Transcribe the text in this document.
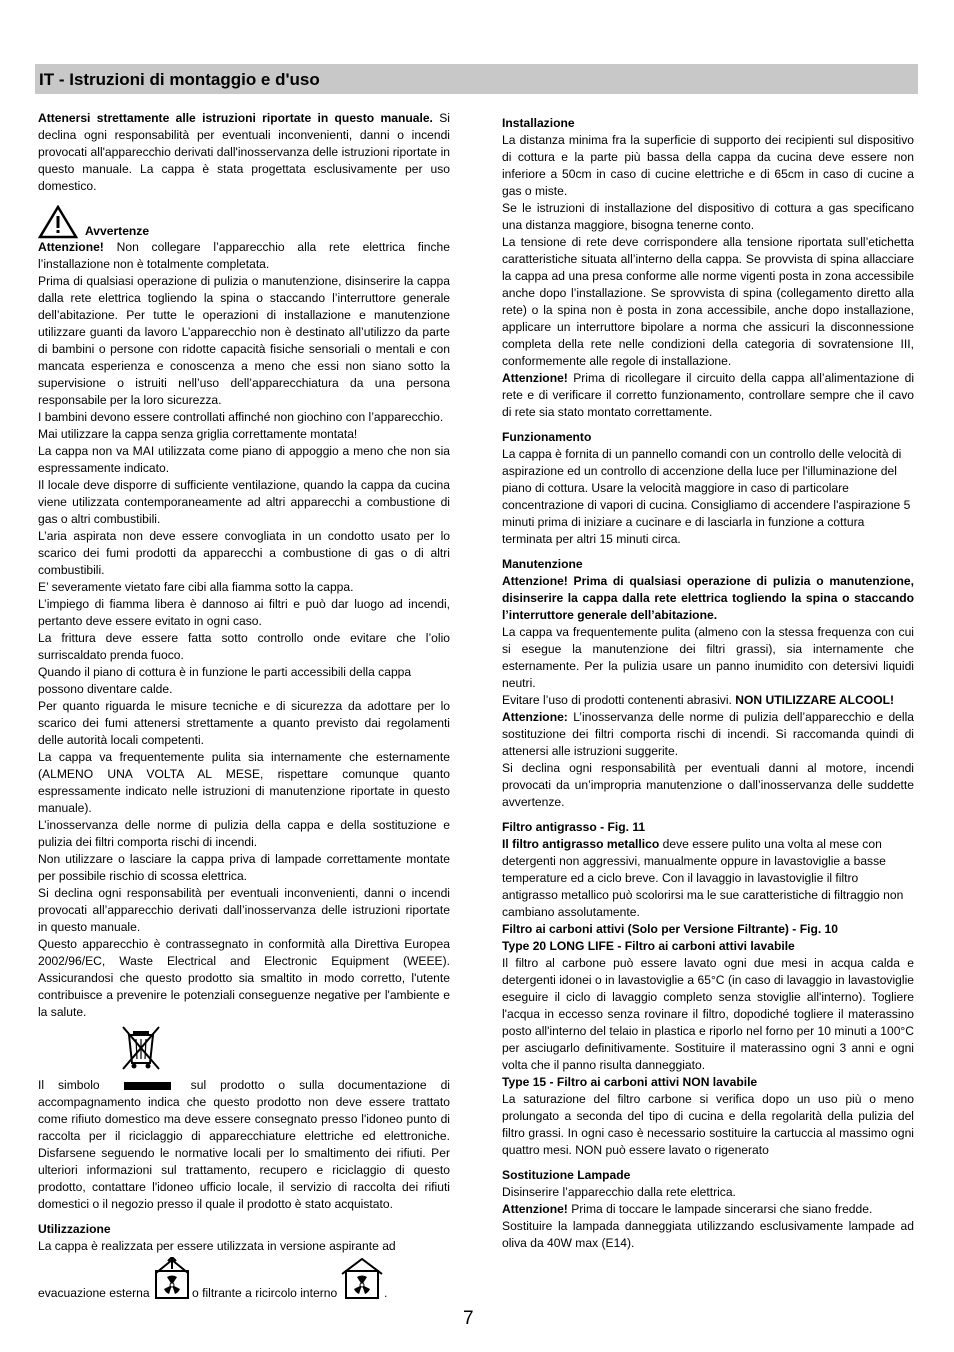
IT - Istruzioni di montaggio e d'uso

Attenersi strettamente alle istruzioni riportate in questo manuale. Si declina ogni responsabilità per eventuali inconvenienti, danni o incendi provocati all'apparecchio derivati dall'inosservanza delle istruzioni riportate in questo manuale. La cappa è stata progettata esclusivamente per uso domestico.

Avvertenze

Attenzione! Non collegare l’apparecchio alla rete elettrica finche l’installazione non è totalmente completata.

Prima di qualsiasi operazione di pulizia o manutenzione, disinserire la cappa dalla rete elettrica togliendo la spina o staccando l’interruttore generale dell’abitazione. Per tutte le operazioni di installazione e manutenzione utilizzare guanti da lavoro L’apparecchio non è destinato all’utilizzo da parte di bambini o persone con ridotte capacità fisiche sensoriali o mentali e con mancata esperienza e conoscenza a meno che essi non siano sotto la supervisione o istruiti nell’uso dell’apparecchiatura da una persona responsabile per la loro sicurezza.

I bambini devono essere controllati affinché non giochino con l’apparecchio.

Mai utilizzare la cappa senza griglia correttamente montata!

La cappa non va MAI utilizzata come piano di appoggio a meno che non sia espressamente indicato.

Il locale deve disporre di sufficiente ventilazione, quando la cappa da cucina viene utilizzata contemporaneamente ad altri apparecchi a combustione di gas o altri combustibili.

L’aria aspirata non deve essere convogliata in un condotto usato per lo scarico dei fumi prodotti da apparecchi a combustione di gas o di altri combustibili.

E’ severamente vietato fare cibi alla fiamma sotto la cappa.

L’impiego di fiamma libera è dannoso ai filtri e può dar luogo ad incendi, pertanto deve essere evitato in ogni caso.

La frittura deve essere fatta sotto controllo onde evitare che l’olio surriscaldato prenda fuoco.

Quando il piano di cottura è in funzione le parti accessibili della cappa possono diventare calde.

Per quanto riguarda le misure tecniche e di sicurezza da adottare per lo scarico dei fumi attenersi strettamente a quanto previsto dai regolamenti delle autorità locali competenti.

La cappa va frequentemente pulita sia internamente che esternamente (ALMENO UNA VOLTA AL MESE, rispettare comunque quanto espressamente indicato nelle istruzioni di manutenzione riportate in questo manuale).

L’inosservanza delle norme di pulizia della cappa e della sostituzione e pulizia dei filtri comporta rischi di incendi.

Non utilizzare o lasciare la cappa priva di lampade correttamente montate per possibile rischio di scossa elettrica.

Si declina ogni responsabilità per eventuali inconvenienti, danni o incendi provocati all’apparecchio derivati dall’inosservanza delle istruzioni riportate in questo manuale.

Questo apparecchio è contrassegnato in conformità alla Direttiva Europea 2002/96/EC, Waste Electrical and Electronic Equipment (WEEE). Assicurandosi che questo prodotto sia smaltito in modo corretto, l'utente contribuisce a prevenire le potenziali conseguenze negative per l'ambiente e la salute.

Il simbolo	sul prodotto o sulla documentazione di accompagnamento indica che questo prodotto non deve essere trattato come rifiuto domestico ma deve essere consegnato presso l'idoneo punto di raccolta per il riciclaggio di apparecchiature elettriche ed elettroniche. Disfarsene seguendo le normative locali per lo smaltimento dei rifiuti. Per ulteriori informazioni sul trattamento, recupero e riciclaggio di questo prodotto, contattare l'idoneo ufficio locale, il servizio di raccolta dei rifiuti domestici o il negozio presso il quale il prodotto è stato acquistato.

Utilizzazione

La cappa è realizzata per essere utilizzata in versione aspirante ad

evacuazione esterna	o filtrante a ricircolo interno	.

Installazione

La distanza minima fra la superficie di supporto dei recipienti sul dispositivo di cottura e la parte più bassa della cappa da cucina deve essere non inferiore a 50cm in caso di cucine elettriche e di 65cm in caso di cucine a gas o miste.

Se le istruzioni di installazione del dispositivo di cottura a gas specificano una distanza maggiore, bisogna tenerne conto.

La tensione di rete deve corrispondere alla tensione riportata sull’etichetta caratteristiche situata all’interno della cappa. Se provvista di spina allacciare la cappa ad una presa conforme alle norme vigenti posta in zona accessibile anche dopo l’installazione. Se sprovvista di spina (collegamento diretto alla rete) o la spina non è posta in zona accessibile, anche dopo installazione, applicare un interruttore bipolare a norma che assicuri la disconnessione completa della rete nelle condizioni della categoria di sovratensione III, conformemente alle regole di installazione.

Attenzione! Prima di ricollegare il circuito della cappa all’alimentazione di rete e di verificare il corretto funzionamento, controllare sempre che il cavo di rete sia stato montato correttamente.

Funzionamento

La cappa è fornita di un pannello comandi con un controllo delle velocità di aspirazione ed un controllo di accenzione della luce per l'illuminazione del piano di cottura. Usare la velocità maggiore in caso di particolare concentrazione di vapori di cucina. Consigliamo di accendere l'aspirazione 5 minuti prima di iniziare a cucinare e di lasciarla in funzione a cottura terminata per altri 15 minuti circa.

Manutenzione

Attenzione! Prima di qualsiasi operazione di pulizia o manutenzione, disinserire la cappa dalla rete elettrica togliendo la spina o staccando l’interruttore generale dell’abitazione.

La cappa va frequentemente pulita (almeno con la stessa frequenza con cui si esegue la manutenzione dei filtri grassi), sia internamente che esternamente. Per la pulizia usare un panno inumidito con detersivi liquidi neutri.

Evitare l’uso di prodotti contenenti abrasivi. NON UTILIZZARE ALCOOL!

Attenzione: L’inosservanza delle norme di pulizia dell’apparecchio e della sostituzione dei filtri comporta rischi di incendi. Si raccomanda quindi di attenersi alle istruzioni suggerite.

Si declina ogni responsabilità per eventuali danni al motore, incendi provocati da un’impropria manutenzione o dall’inosservanza delle suddette avvertenze.

Filtro antigrasso - Fig. 11

Il filtro antigrasso metallico deve essere pulito una volta al mese con detergenti non aggressivi, manualmente oppure in lavastoviglie a basse temperature ed a ciclo breve. Con il lavaggio in lavastoviglie il filtro antigrasso metallico può scolorirsi ma le sue caratteristiche di filtraggio non cambiano assolutamente.

Filtro ai carboni attivi (Solo per Versione Filtrante) - Fig. 10

Type 20 LONG LIFE - Filtro ai carboni attivi lavabile

Il filtro al carbone può essere lavato ogni due mesi in acqua calda e detergenti idonei o in lavastoviglie a 65°C (in caso di lavaggio in lavastoviglie eseguire il ciclo di lavaggio completo senza stoviglie all'interno). Togliere l'acqua in eccesso senza rovinare il filtro, dopodiché togliere il materassino posto all'interno del telaio in plastica e riporlo nel forno per 10 minuti a 100°C per asciugarlo definitivamente. Sostituire il materassino ogni 3 anni e ogni volta che il panno risulta danneggiato.

Type 15 - Filtro ai carboni attivi NON lavabile

La saturazione del filtro carbone si verifica dopo un uso più o meno prolungato a seconda del tipo di cucina e della regolarità della pulizia del filtro grassi. In ogni caso è necessario sostituire la cartuccia al massimo ogni quattro mesi. NON può essere lavato o rigenerato

Sostituzione Lampade

Disinserire l’apparecchio dalla rete elettrica.

Attenzione! Prima di toccare le lampade sincerarsi che siano fredde.

Sostituire la lampada danneggiata utilizzando esclusivamente lampade ad oliva da 40W max (E14).

7
